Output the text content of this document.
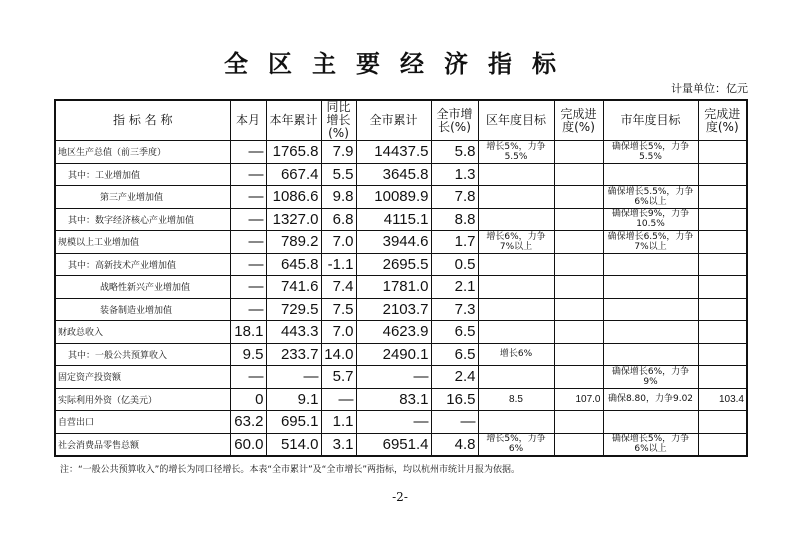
全区主要经济指标
计量单位：亿元
指 标 名 称	本月	本年累计	同比增长(%)	全市累计	全市增长(%)	区年度目标	完成进度(%)	市年度目标	完成进度(%)
地区生产总值（前三季度）	—	1765.8	7.9	14437.5	5.8	增长5%，力争5.5%		确保增长5%，力争5.5%	
其中：工业增加值	—	667.4	5.5	3645.8	1.3				
第三产业增加值	—	1086.6	9.8	10089.9	7.8			确保增长5.5%，力争6%以上	
其中：数字经济核心产业增加值	—	1327.0	6.8	4115.1	8.8			确保增长9%，力争10.5%	
规模以上工业增加值	—	789.2	7.0	3944.6	1.7	增长6%，力争7%以上		确保增长6.5%，力争7%以上	
其中：高新技术产业增加值	—	645.8	-1.1	2695.5	0.5				
战略性新兴产业增加值	—	741.6	7.4	1781.0	2.1				
装备制造业增加值	—	729.5	7.5	2103.7	7.3				
财政总收入	18.1	443.3	7.0	4623.9	6.5				
其中：一般公共预算收入	9.5	233.7	14.0	2490.1	6.5	增长6%			
固定资产投资额	—	—	5.7	—	2.4			确保增长6%，力争9%	
实际利用外资（亿美元）	0	9.1	—	83.1	16.5	8.5	107.0	确保8.80，力争9.02	103.4
自营出口	63.2	695.1	1.1	—	—				
社会消费品零售总额	60.0	514.0	3.1	6951.4	4.8	增长5%，力争6%		确保增长5%，力争6%以上	
注：“一般公共预算收入”的增长为同口径增长。本表“全市累计”及“全市增长”两指标，均以杭州市统计月报为依据。
-2-
